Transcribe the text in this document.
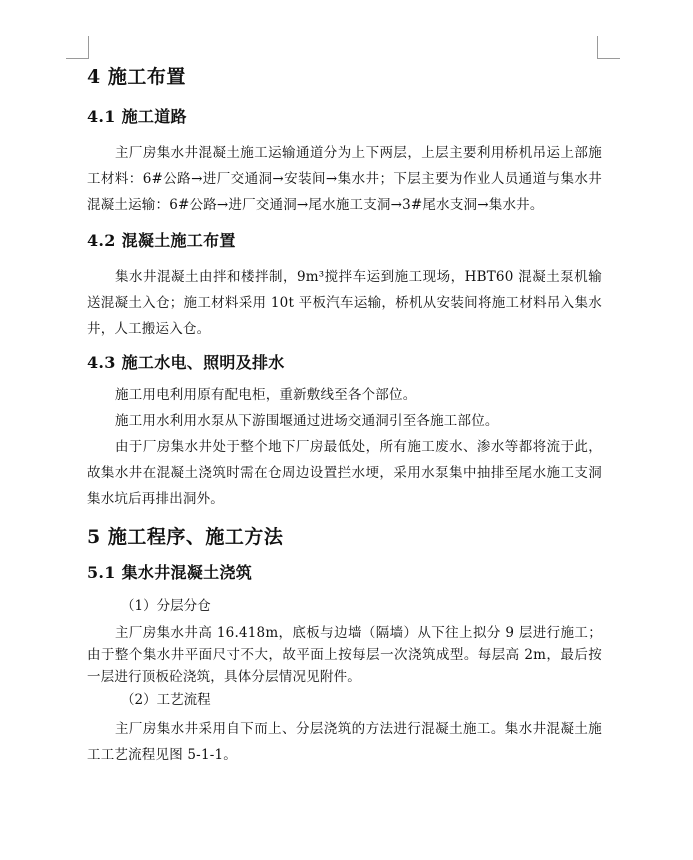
4 施工布置
4.1 施工道路

主厂房集水井混凝土施工运输通道分为上下两层，上层主要利用桥机吊运上部施工材料：6#公路→进厂交通洞→安装间→集水井；下层主要为作业人员通道与集水井混凝土运输：6#公路→进厂交通洞→尾水施工支洞→3#尾水支洞→集水井。

4.2 混凝土施工布置

集水井混凝土由拌和楼拌制，9m³搅拌车运到施工现场，HBT60 混凝土泵机输送混凝土入仓；施工材料采用 10t 平板汽车运输，桥机从安装间将施工材料吊入集水井，人工搬运入仓。

4.3 施工水电、照明及排水

施工用电利用原有配电柜，重新敷线至各个部位。

施工用水利用水泵从下游围堰通过进场交通洞引至各施工部位。

由于厂房集水井处于整个地下厂房最低处，所有施工废水、渗水等都将流于此，故集水井在混凝土浇筑时需在仓周边设置拦水埂，采用水泵集中抽排至尾水施工支洞集水坑后再排出洞外。

5 施工程序、施工方法
5.1 集水井混凝土浇筑

（1）分层分仓

主厂房集水井高 16.418m，底板与边墙（隔墙）从下往上拟分 9 层进行施工；由于整个集水井平面尺寸不大，故平面上按每层一次浇筑成型。每层高 2m，最后按一层进行顶板砼浇筑，具体分层情况见附件。

（2）工艺流程

主厂房集水井采用自下而上、分层浇筑的方法进行混凝土施工。集水井混凝土施工工艺流程见图 5-1-1。
